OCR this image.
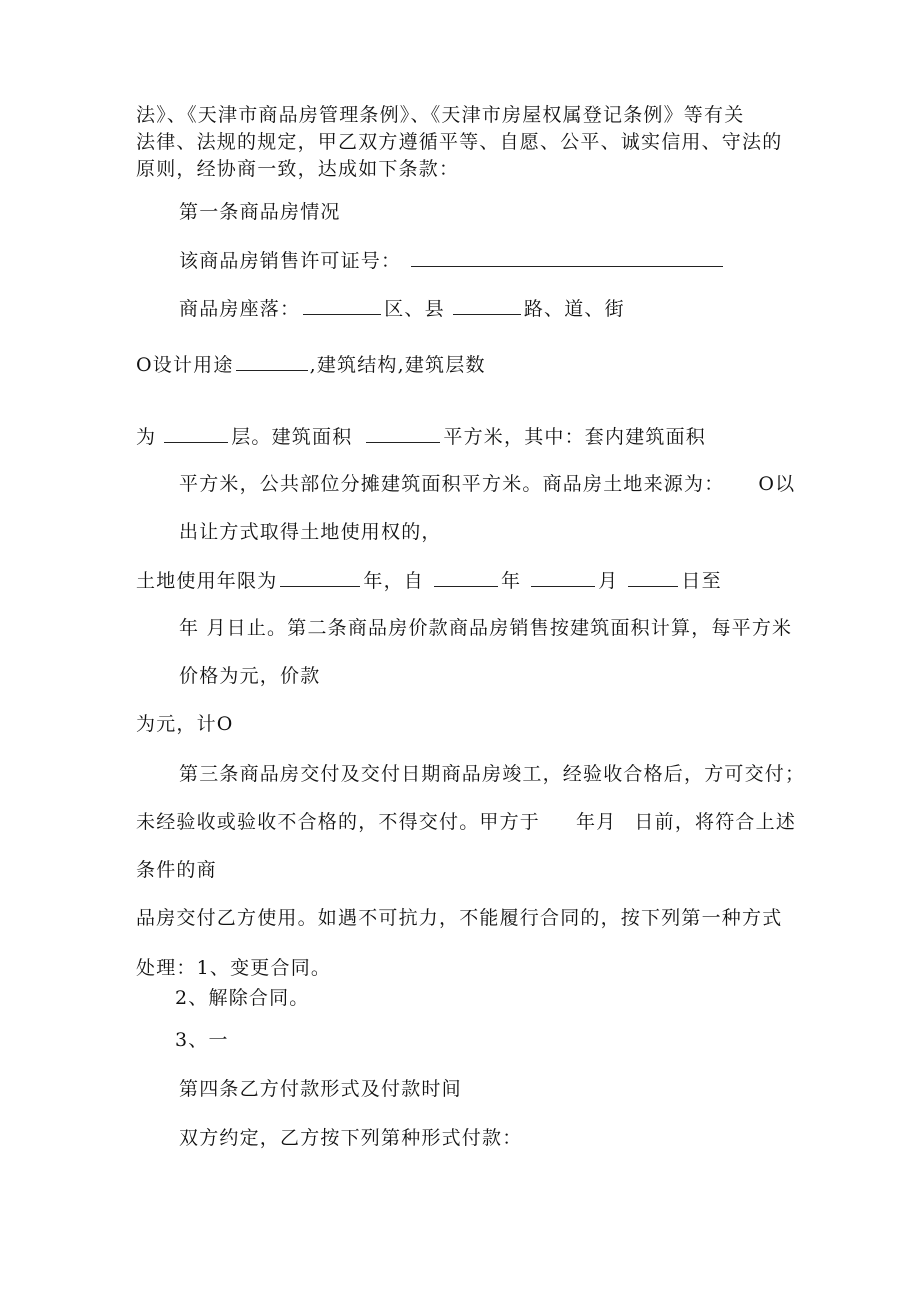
法》、《天津市商品房管理条例》、《天津市房屋权属登记条例》等有关
法律、法规的规定，甲乙双方遵循平等、自愿、公平、诚实信用、守法的
原则，经协商一致，达成如下条款：
第一条商品房情况
该商品房销售许可证号：
商品房座落：	区、县	路、道、街
O设计用途	,建筑结构,建筑层数
为	层。建筑面积	平方米，其中：套内建筑面积
平方米，公共部位分摊建筑面积平方米。商品房土地来源为： O以
出让方式取得土地使用权的，
土地使用年限为	年，自	年	月	日至
年 月日止。第二条商品房价款商品房销售按建筑面积计算，每平方米
价格为元，价款
为元，计O
第三条商品房交付及交付日期商品房竣工，经验收合格后，方可交付；
未经验收或验收不合格的，不得交付。甲方于 年月 日前，将符合上述
条件的商
品房交付乙方使用。如遇不可抗力，不能履行合同的，按下列第一种方式
处理：1、变更合同。
2、解除合同。
3、一
第四条乙方付款形式及付款时间
双方约定，乙方按下列第种形式付款：
